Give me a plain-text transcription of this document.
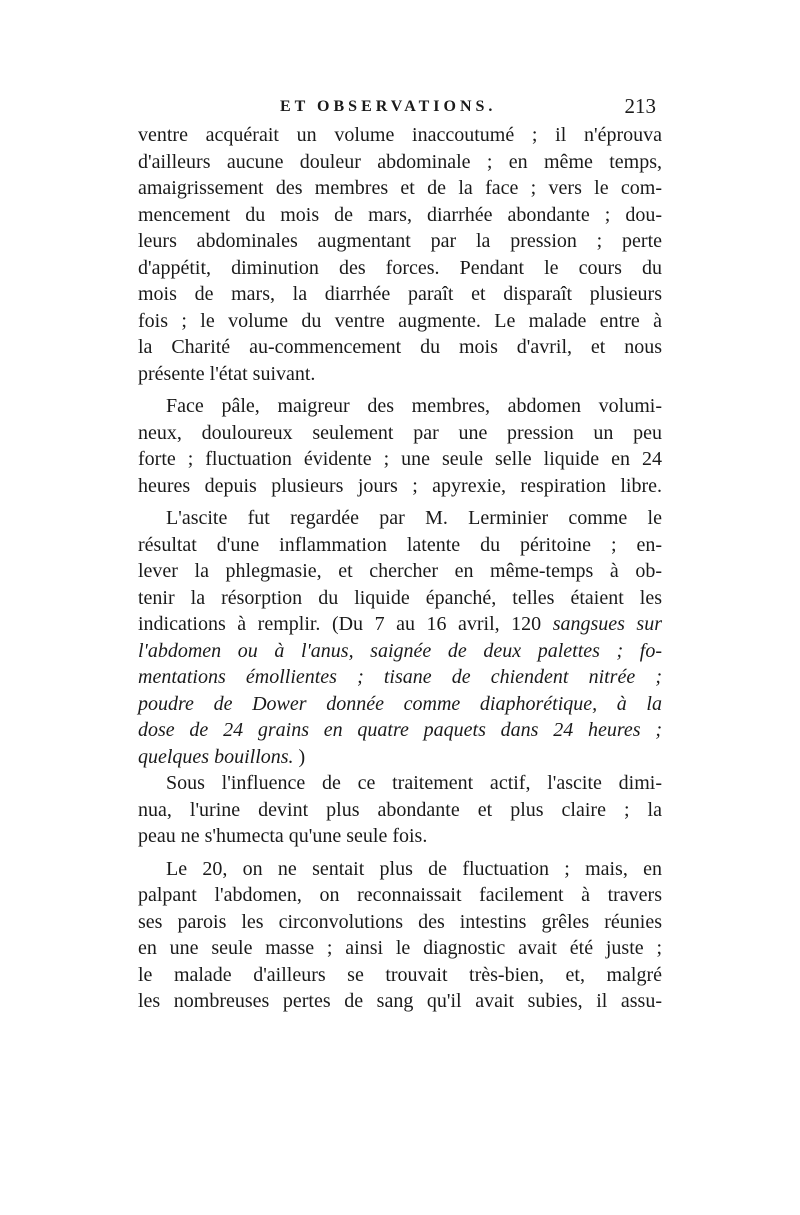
ET OBSERVATIONS.	213
ventre acquérait un volume inaccoutumé ; il n'éprouva
d'ailleurs aucune douleur abdominale ; en même temps,
amaigrissement des membres et de la face ; vers le com-
mencement du mois de mars, diarrhée abondante ; dou-
leurs abdominales augmentant par la pression ; perte
d'appétit, diminution des forces. Pendant le cours du
mois de mars, la diarrhée paraît et disparaît plusieurs
fois ; le volume du ventre augmente. Le malade entre à
la Charité au-commencement du mois d'avril, et nous
présente l'état suivant.
Face pâle, maigreur des membres, abdomen volumi-
neux, douloureux seulement par une pression un peu
forte ; fluctuation évidente ; une seule selle liquide en 24
heures depuis plusieurs jours ; apyrexie, respiration libre.
L'ascite fut regardée par M. Lerminier comme le
résultat d'une inflammation latente du péritoine ; en-
lever la phlegmasie, et chercher en même-temps à ob-
tenir la résorption du liquide épanché, telles étaient les
indications à remplir. (Du 7 au 16 avril, 120 sangsues sur
l'abdomen ou à l'anus, saignée de deux palettes ; fo-
mentations émollientes ; tisane de chiendent nitrée ;
poudre de Dower donnée comme diaphorétique, à la
dose de 24 grains en quatre paquets dans 24 heures ;
quelques bouillons. )
Sous l'influence de ce traitement actif, l'ascite dimi-
nua, l'urine devint plus abondante et plus claire ; la
peau ne s'humecta qu'une seule fois.
Le 20, on ne sentait plus de fluctuation ; mais, en
palpant l'abdomen, on reconnaissait facilement à travers
ses parois les circonvolutions des intestins grêles réunies
en une seule masse ; ainsi le diagnostic avait été juste ;
le malade d'ailleurs se trouvait très-bien, et, malgré
les nombreuses pertes de sang qu'il avait subies, il assu-
